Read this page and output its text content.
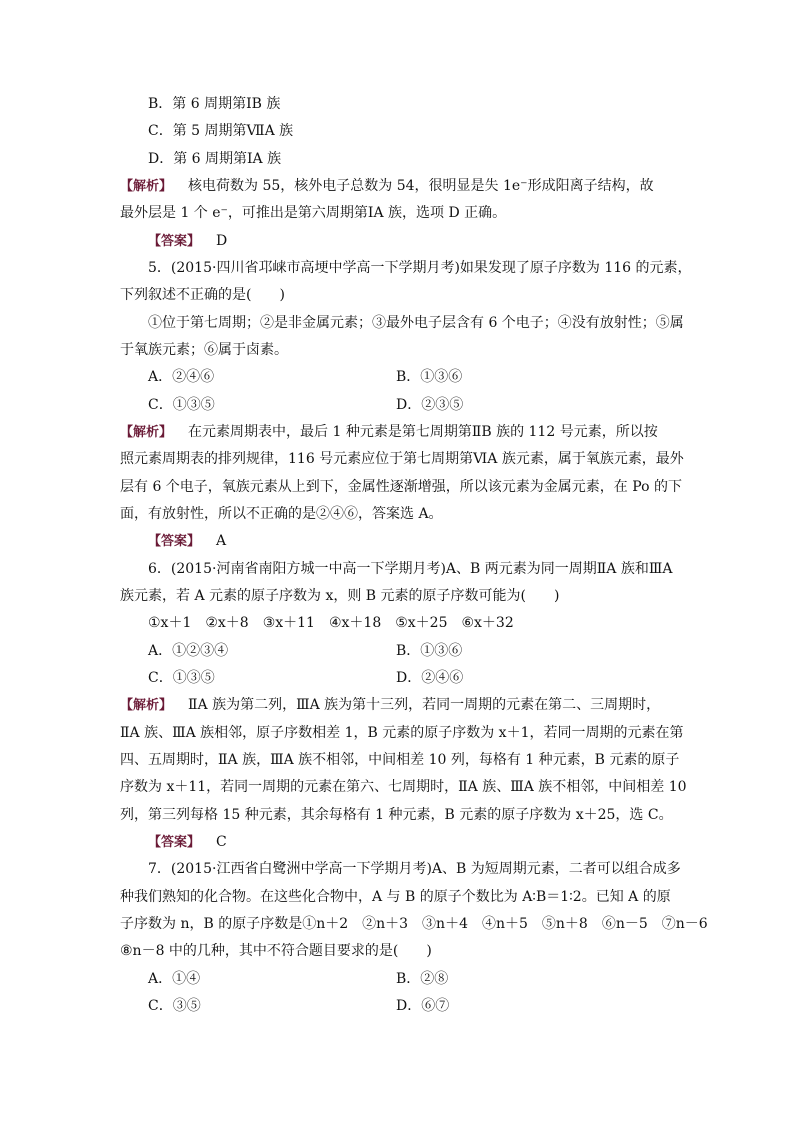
B．第 6 周期第ⅠB 族
C．第 5 周期第ⅦA 族
D．第 6 周期第ⅠA 族
【解析】 核电荷数为 55，核外电子总数为 54，很明显是失 1e⁻形成阳离子结构，故
最外层是 1 个 e⁻，可推出是第六周期第ⅠA 族，选项 D 正确。
【答案】 D
5．(2015·四川省邛崃市高埂中学高一下学期月考)如果发现了原子序数为 116 的元素，
下列叙述不正确的是(　　)
①位于第七周期；②是非金属元素；③最外电子层含有 6 个电子；④没有放射性；⑤属
于氧族元素；⑥属于卤素。
A．②④⑥	B．①③⑥
C．①③⑤	D．②③⑤
【解析】 在元素周期表中，最后 1 种元素是第七周期第ⅡB 族的 112 号元素，所以按
照元素周期表的排列规律，116 号元素应位于第七周期第ⅥA 族元素，属于氧族元素，最外
层有 6 个电子，氧族元素从上到下，金属性逐渐增强，所以该元素为金属元素，在 Po 的下
面，有放射性，所以不正确的是②④⑥，答案选 A。
【答案】 A
6．(2015·河南省南阳方城一中高一下学期月考)A、B 两元素为同一周期ⅡA 族和ⅢA
族元素，若 A 元素的原子序数为 x，则 B 元素的原子序数可能为(　　)
①x＋1　②x＋8　③x＋11　④x＋18　⑤x＋25　⑥x＋32
A．①②③④	B．①③⑥
C．①③⑤	D．②④⑥
【解析】 ⅡA 族为第二列，ⅢA 族为第十三列，若同一周期的元素在第二、三周期时，
ⅡA 族、ⅢA 族相邻，原子序数相差 1，B 元素的原子序数为 x＋1，若同一周期的元素在第
四、五周期时，ⅡA 族，ⅢA 族不相邻，中间相差 10 列，每格有 1 种元素，B 元素的原子
序数为 x＋11，若同一周期的元素在第六、七周期时，ⅡA 族、ⅢA 族不相邻，中间相差 10
列，第三列每格 15 种元素，其余每格有 1 种元素，B 元素的原子序数为 x＋25，选 C。
【答案】 C
7．(2015·江西省白鹭洲中学高一下学期月考)A、B 为短周期元素，二者可以组合成多
种我们熟知的化合物。在这些化合物中，A 与 B 的原子个数比为 A∶B＝1∶2。已知 A 的原
子序数为 n，B 的原子序数是①n＋2　②n＋3　③n＋4　④n＋5　⑤n＋8　⑥n－5　⑦n－6
⑧n－8 中的几种，其中不符合题目要求的是(　　)
A．①④	B．②⑧
C．③⑤	D．⑥⑦
